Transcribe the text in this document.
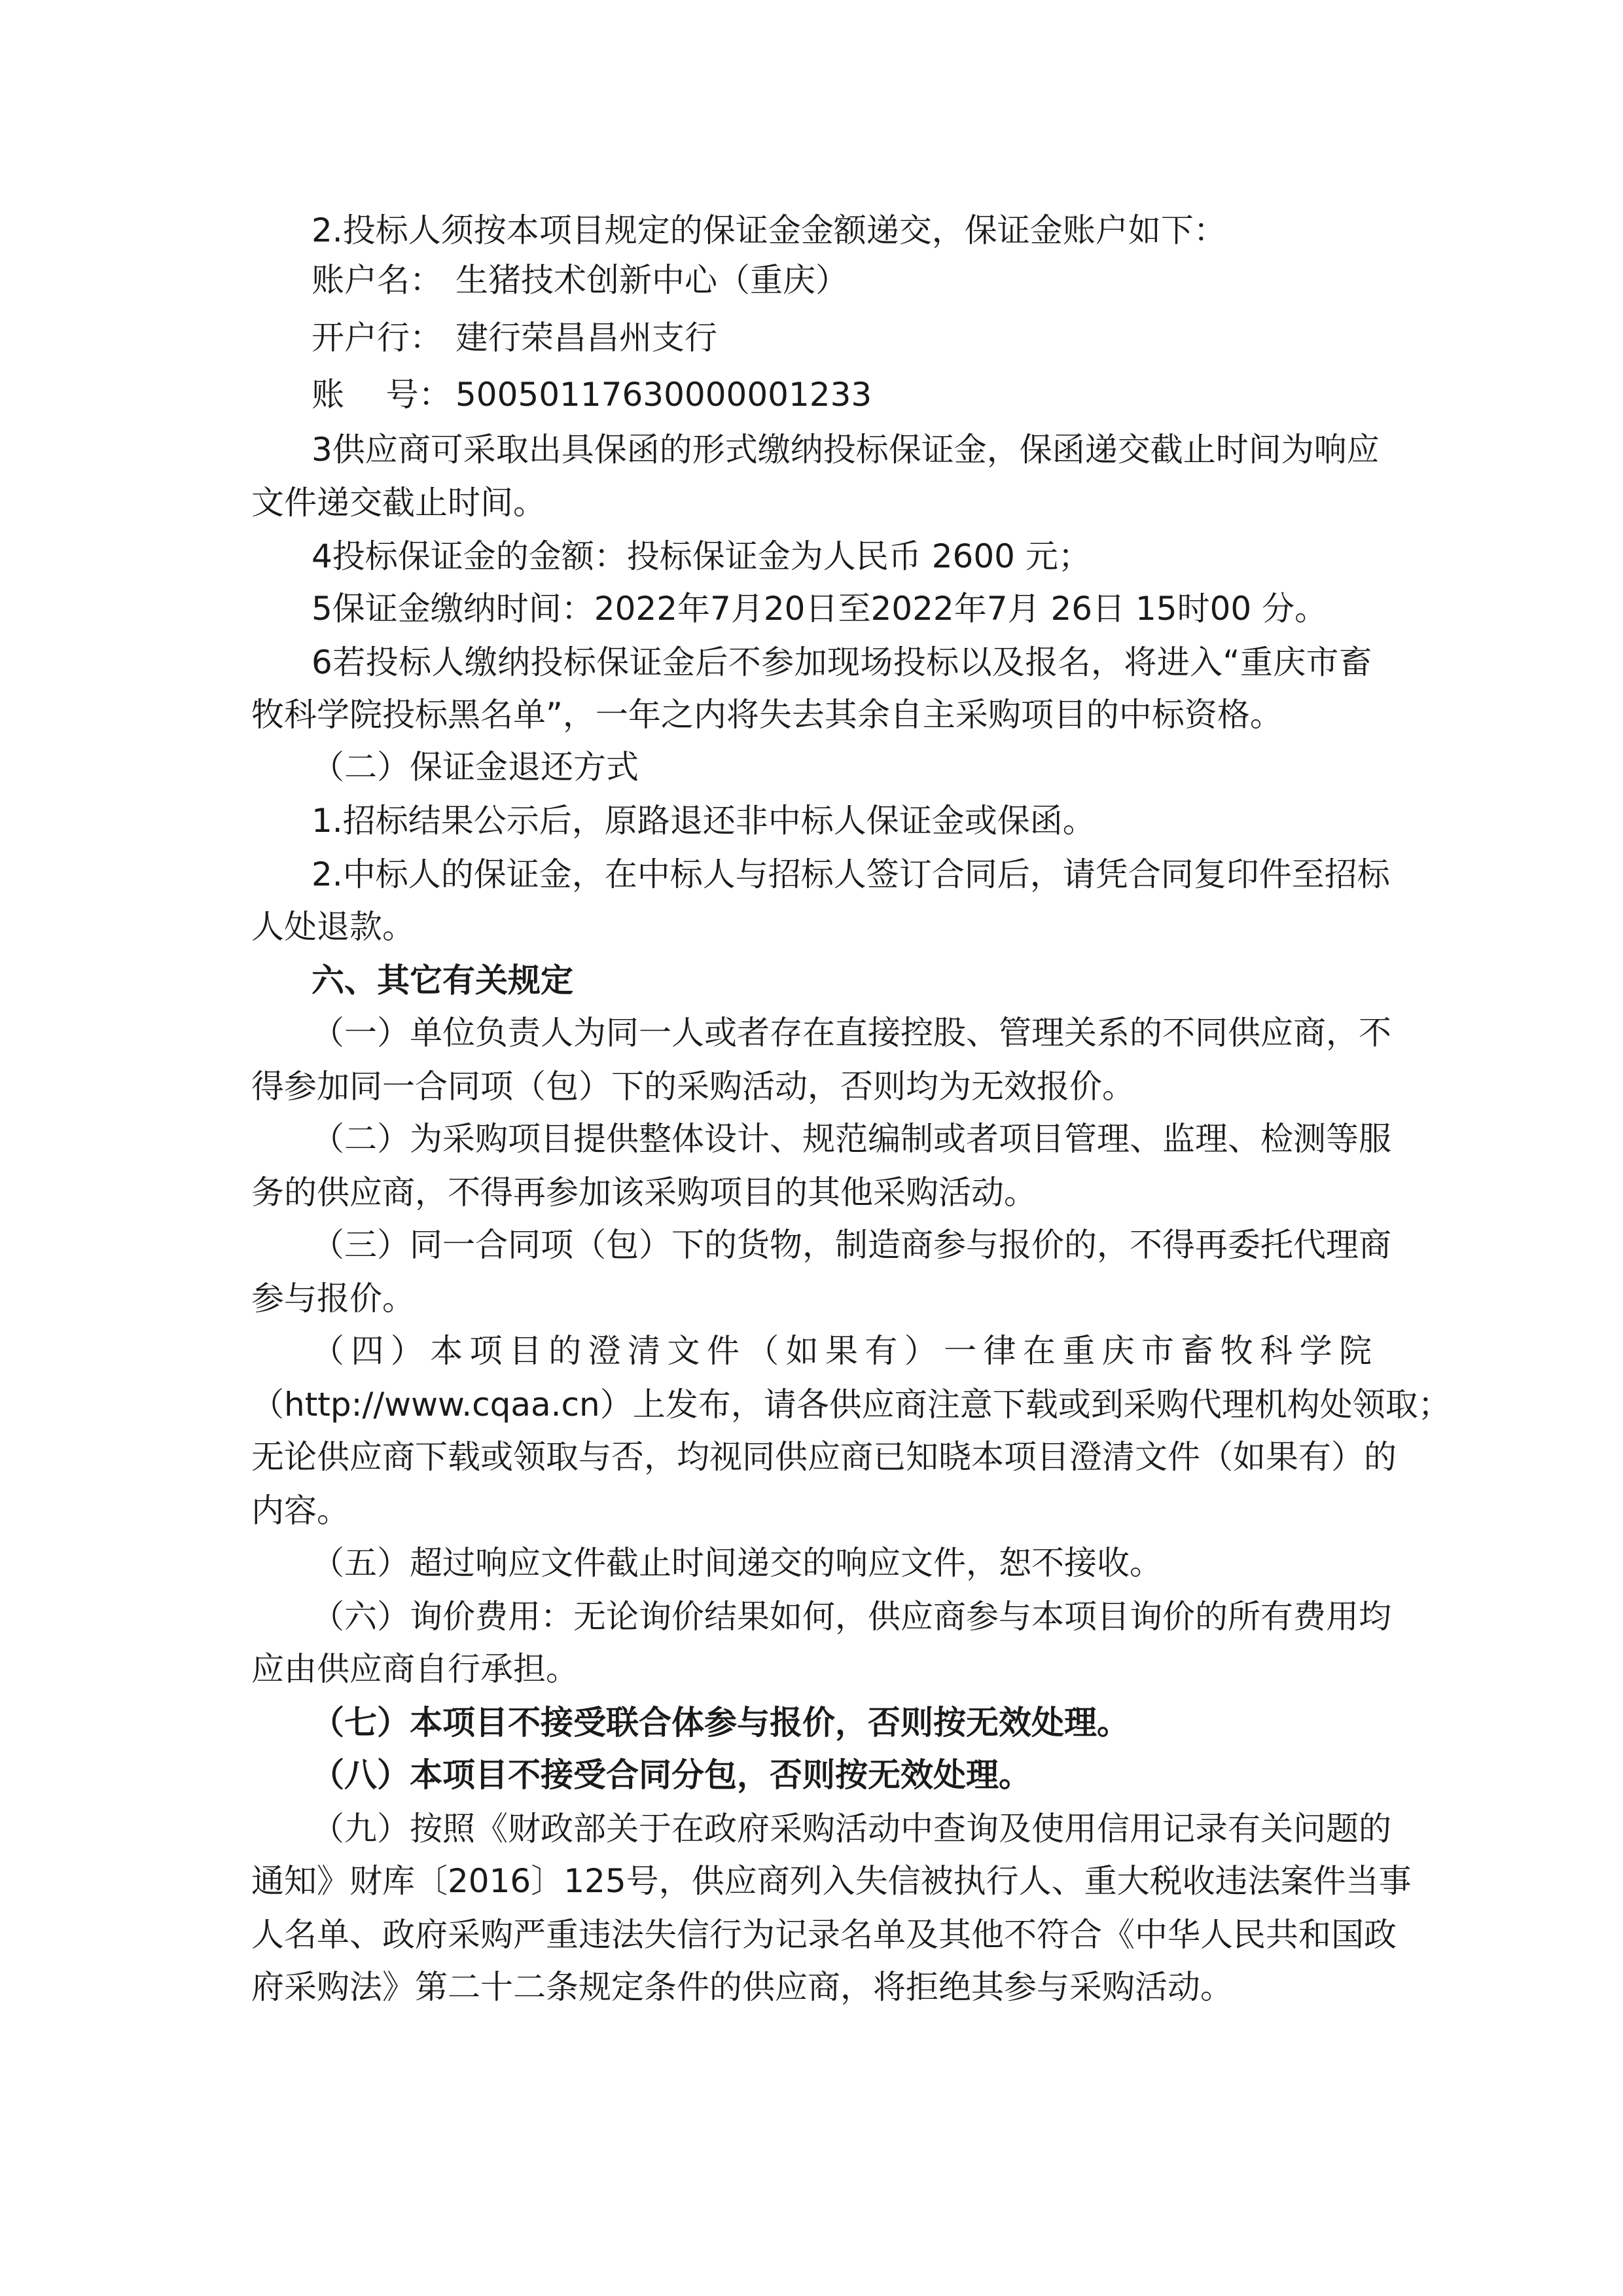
2.投标人须按本项目规定的保证金金额递交，保证金账户如下：
账户名： 生猪技术创新中心（重庆）
开户行： 建行荣昌昌州支行
账    号： 50050117630000001233
3供应商可采取出具保函的形式缴纳投标保证金，保函递交截止时间为响应
文件递交截止时间。
4投标保证金的金额：投标保证金为人民币 2600 元；
5保证金缴纳时间：2022年7月20日至2022年7月 26日 15时00 分。
6若投标人缴纳投标保证金后不参加现场投标以及报名，将进入“重庆市畜
牧科学院投标黑名单”，一年之内将失去其余自主采购项目的中标资格。
（二）保证金退还方式
1.招标结果公示后，原路退还非中标人保证金或保函。
2.中标人的保证金，在中标人与招标人签订合同后，请凭合同复印件至招标
人处退款。
六、其它有关规定
（一）单位负责人为同一人或者存在直接控股、管理关系的不同供应商，不
得参加同一合同项（包）下的采购活动，否则均为无效报价。
（二）为采购项目提供整体设计、规范编制或者项目管理、监理、检测等服
务的供应商，不得再参加该采购项目的其他采购活动。
（三）同一合同项（包）下的货物，制造商参与报价的，不得再委托代理商
参与报价。
（四）本项目的澄清文件（如果有）一律在重庆市畜牧科学院
（http://www.cqaa.cn）上发布，请各供应商注意下载或到采购代理机构处领取；
无论供应商下载或领取与否，均视同供应商已知晓本项目澄清文件（如果有）的
内容。
（五）超过响应文件截止时间递交的响应文件，恕不接收。
（六）询价费用：无论询价结果如何，供应商参与本项目询价的所有费用均
应由供应商自行承担。
（七）本项目不接受联合体参与报价，否则按无效处理。
（八）本项目不接受合同分包，否则按无效处理。
（九）按照《财政部关于在政府采购活动中查询及使用信用记录有关问题的
通知》财库〔2016〕125号，供应商列入失信被执行人、重大税收违法案件当事
人名单、政府采购严重违法失信行为记录名单及其他不符合《中华人民共和国政
府采购法》第二十二条规定条件的供应商，将拒绝其参与采购活动。
